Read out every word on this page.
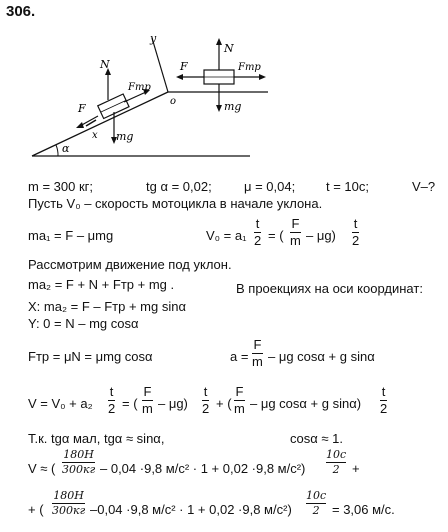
306.
α
N
F
Fтр
mg
x
o
y
N
F	Fтр
mg
m = 300 кг;	tg α = 0,02; μ = 0,04; t = 10с;	V–?
Пусть V₀ – скорость мотоцикла в начале уклона.
ma₁ = F – μmg	V₀ = a₁
t
2 = (
F
m – μg)
t
2
Рассмотрим движение под уклон.
ma₂ = F + N + Fтр + mg .	В проекциях на оси координат:
X: ma₂ = F – Fтр + mg sinα
Y: 0 = N – mg cosα
Fтр = μN = μmg cosα	a =
F
m – μg cosα + g sinα
V = V₀ + a₂
t
2 = (
F
m – μg)
t
2 + (
F
m – μg cosα + g sinα)
t
2
Т.к. tgα мал, tgα ≈ sinα,	cosα ≈ 1.
V ≈ (
180Н
300кг – 0,04 ·9,8 м/с² · 1 + 0,02 ·9,8 м/с²)
10с
2 +
+ (
180Н
300кг –0,04 ·9,8 м/с² · 1 + 0,02 ·9,8 м/с²)
10с
2 = 3,06 м/с.
